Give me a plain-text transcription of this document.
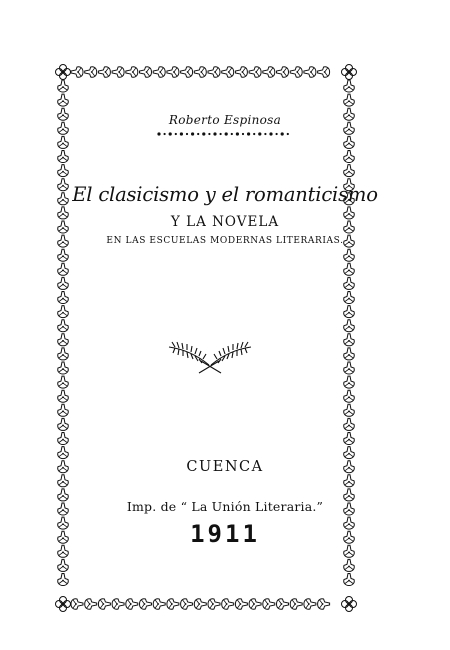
Roberto Espinosa
El clasicismo y el romanticismo
Y LA NOVELA
EN LAS ESCUELAS MODERNAS LITERARIAS.
CUENCA
Imp. de “ La Unión Literaria.”
1911
